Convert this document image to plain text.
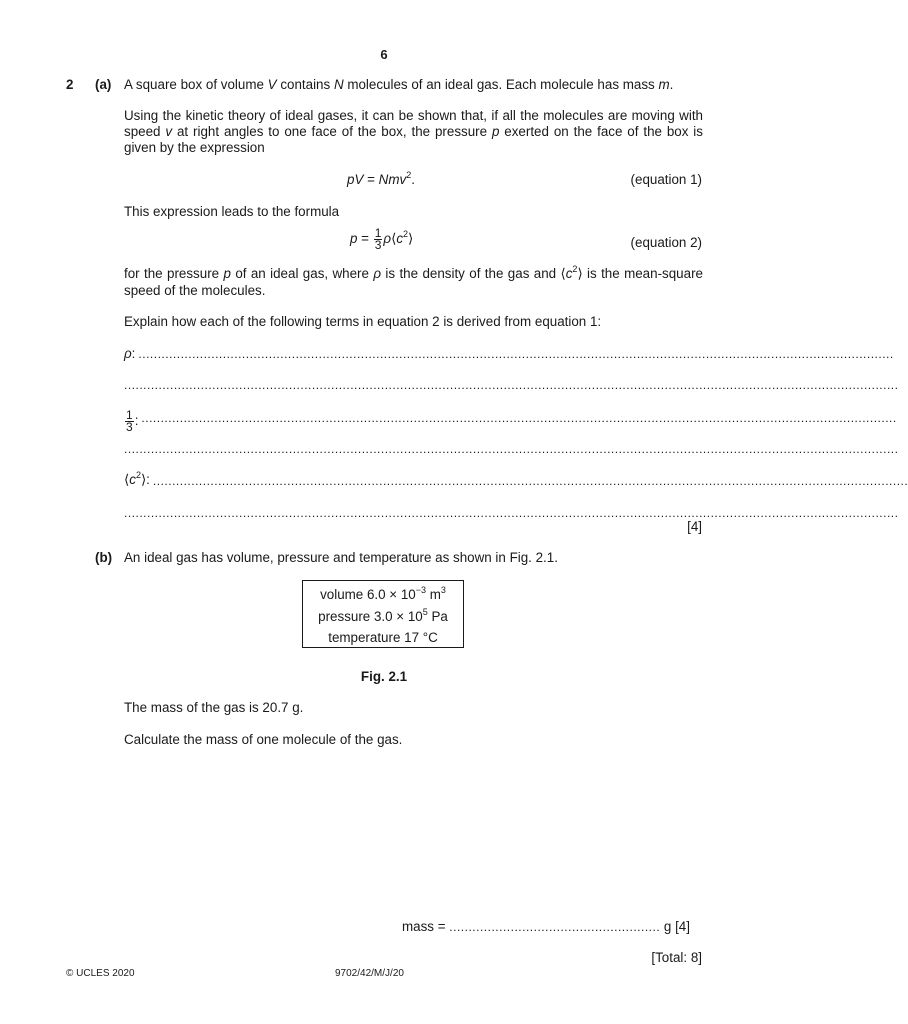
6
2 (a) A square box of volume V contains N molecules of an ideal gas. Each molecule has mass m.
Using the kinetic theory of ideal gases, it can be shown that, if all the molecules are moving with speed v at right angles to one face of the box, the pressure p exerted on the face of the box is given by the expression
pV = Nmv$^2$.	(equation 1)
This expression leads to the formula
$p = \frac{1}{3}$ $\rho⟨c^2⟩$	(equation 2)
for the pressure p of an ideal gas, where ρ is the density of the gas and $⟨c^2⟩$ is the mean-square speed of the molecules.
Explain how each of the following terms in equation 2 is derived from equation 1:
ρ: .....................................................................................................................................................................................................
..........................................................................................................................................................................................................
$\frac{1}{3}$ : .....................................................................................................................................................................................................
..........................................................................................................................................................................................................
$⟨c^2⟩$: .....................................................................................................................................................................................................
..........................................................................................................................................................................................................
[4]
(b) An ideal gas has volume, pressure and temperature as shown in Fig. 2.1.
volume $6.0 \times 10^{-3}$ $m^3$
pressure $3.0 \times 10^5$ Pa
temperature 17 °C
Fig. 2.1
The mass of the gas is 20.7 g.
Calculate the mass of one molecule of the gas.
mass = ....................................................... g [4]
[Total: 8]
© UCLES 2020	9702/42/M/J/20
